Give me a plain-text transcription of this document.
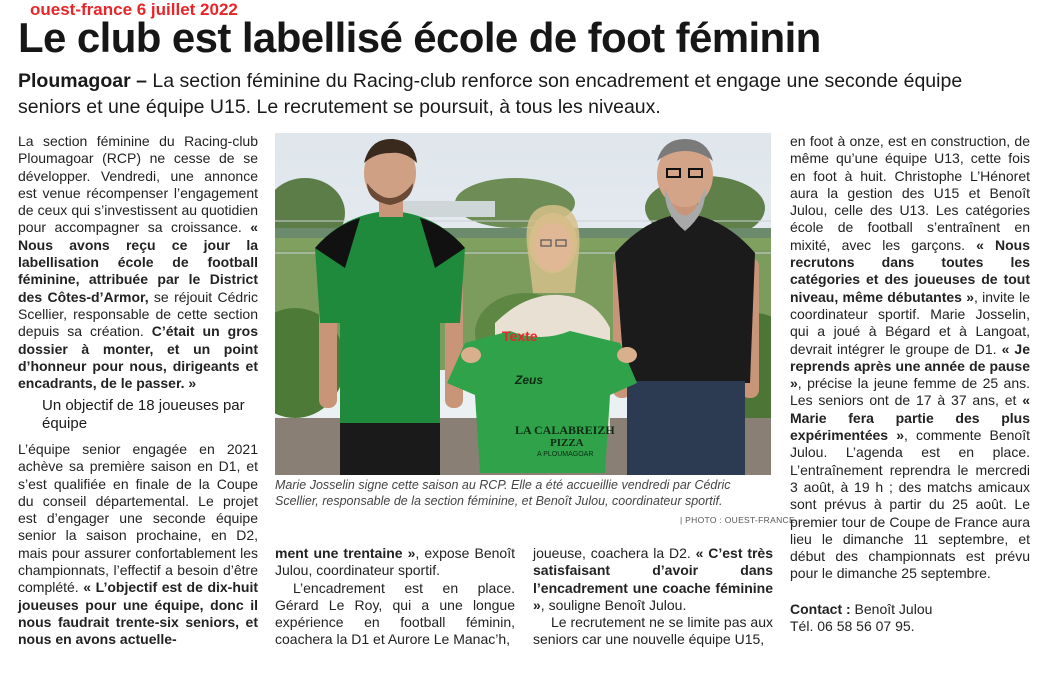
ouest-france 6 juillet 2022
Le club est labellisé école de foot féminin
Ploumagoar – La section féminine du Racing-club renforce son encadrement et engage une seconde équipe seniors et une équipe U15. Le recrutement se poursuit, à tous les niveaux.
La section féminine du Racing-club Ploumagoar (RCP) ne cesse de se développer. Vendredi, une annonce est venue récompenser l’engagement de ceux qui s’investissent au quotidien pour accompagner sa croissance. « Nous avons reçu ce jour la labellisation école de football féminine, attribuée par le District des Côtes-d’Armor, se réjouit Cédric Scellier, responsable de cette section depuis sa création. C’était un gros dossier à monter, et un point d’honneur pour nous, dirigeants et encadrants, de le passer. »
Un objectif de 18 joueuses par équipe
L’équipe senior engagée en 2021 achève sa première saison en D1, et s’est qualifiée en finale de la Coupe du conseil départemental. Le projet est d’engager une seconde équipe senior la saison prochaine, en D2, mais pour assurer confortablement les championnats, l’effectif a besoin d’être complété. « L’objectif est de dix-huit joueuses pour une équipe, donc il nous faudrait trente-six seniors, et nous en avons actuelle-
Zeus
LA CALABREIZH
PIZZA
A PLOUMAGOAR
Texte
Marie Josselin signe cette saison au RCP. Elle a été accueillie vendredi par Cédric Scellier, responsable de la section féminine, et Benoît Julou, coordinateur sportif.
| PHOTO : OUEST-FRANCE

ment une trentaine », expose Benoît Julou, coordinateur sportif.

L’encadrement est en place. Gérard Le Roy, qui a une longue expérience en football féminin, coachera la D1 et Aurore Le Manac’h,

joueuse, coachera la D2. « C’est très satisfaisant d’avoir dans l’encadrement une coache féminine », souligne Benoît Julou.

Le recrutement ne se limite pas aux seniors car une nouvelle équipe U15,

en foot à onze, est en construction, de même qu’une équipe U13, cette fois en foot à huit. Christophe L’Hénoret aura la gestion des U15 et Benoît Julou, celle des U13. Les catégories école de football s’entraînent en mixité, avec les garçons. « Nous recrutons dans toutes les catégories et des joueuses de tout niveau, même débutantes », invite le coordinateur sportif. Marie Josselin, qui a joué à Bégard et à Langoat, devrait intégrer le groupe de D1. « Je reprends après une année de pause », précise la jeune femme de 25 ans. Les seniors ont de 17 à 37 ans, et « Marie fera partie des plus expérimentées », commente Benoît Julou. L’agenda est en place. L’entraînement reprendra le mercredi 3 août, à 19 h ; des matchs amicaux sont prévus à partir du 25 août. Le premier tour de Coupe de France aura lieu le dimanche 11 septembre, et début des championnats est prévu pour le dimanche 25 septembre.

Contact : Benoît Julou

Tél. 06 58 56 07 95.
